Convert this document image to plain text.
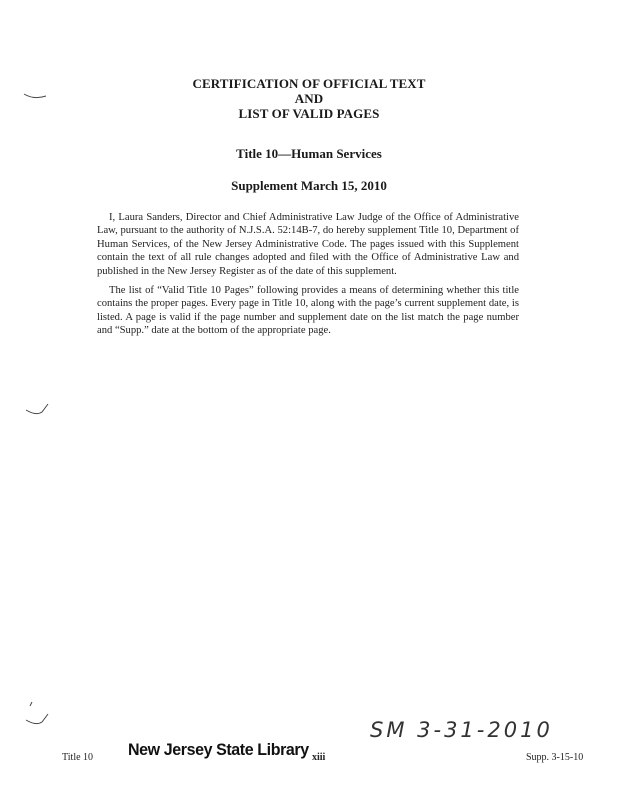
CERTIFICATION OF OFFICIAL TEXT
AND
LIST OF VALID PAGES
Title 10—Human Services
Supplement March 15, 2010

I, Laura Sanders, Director and Chief Administrative Law Judge of the Office of Administrative Law, pursuant to the authority of N.J.S.A. 52:14B-7, do hereby supplement Title 10, Department of Human Services, of the New Jersey Administrative Code. The pages issued with this Supplement contain the text of all rule changes adopted and filed with the Office of Administrative Law and published in the New Jersey Register as of the date of this supplement.

The list of “Valid Title 10 Pages” following provides a means of determining whether this title contains the proper pages. Every page in Title 10, along with the page’s current supplement date, is listed. A page is valid if the page number and supplement date on the list match the page number and “Supp.” date at the bottom of the appropriate page.

SM 3-31-2010
New Jersey State Library
Title 10	xiii	Supp. 3-15-10
